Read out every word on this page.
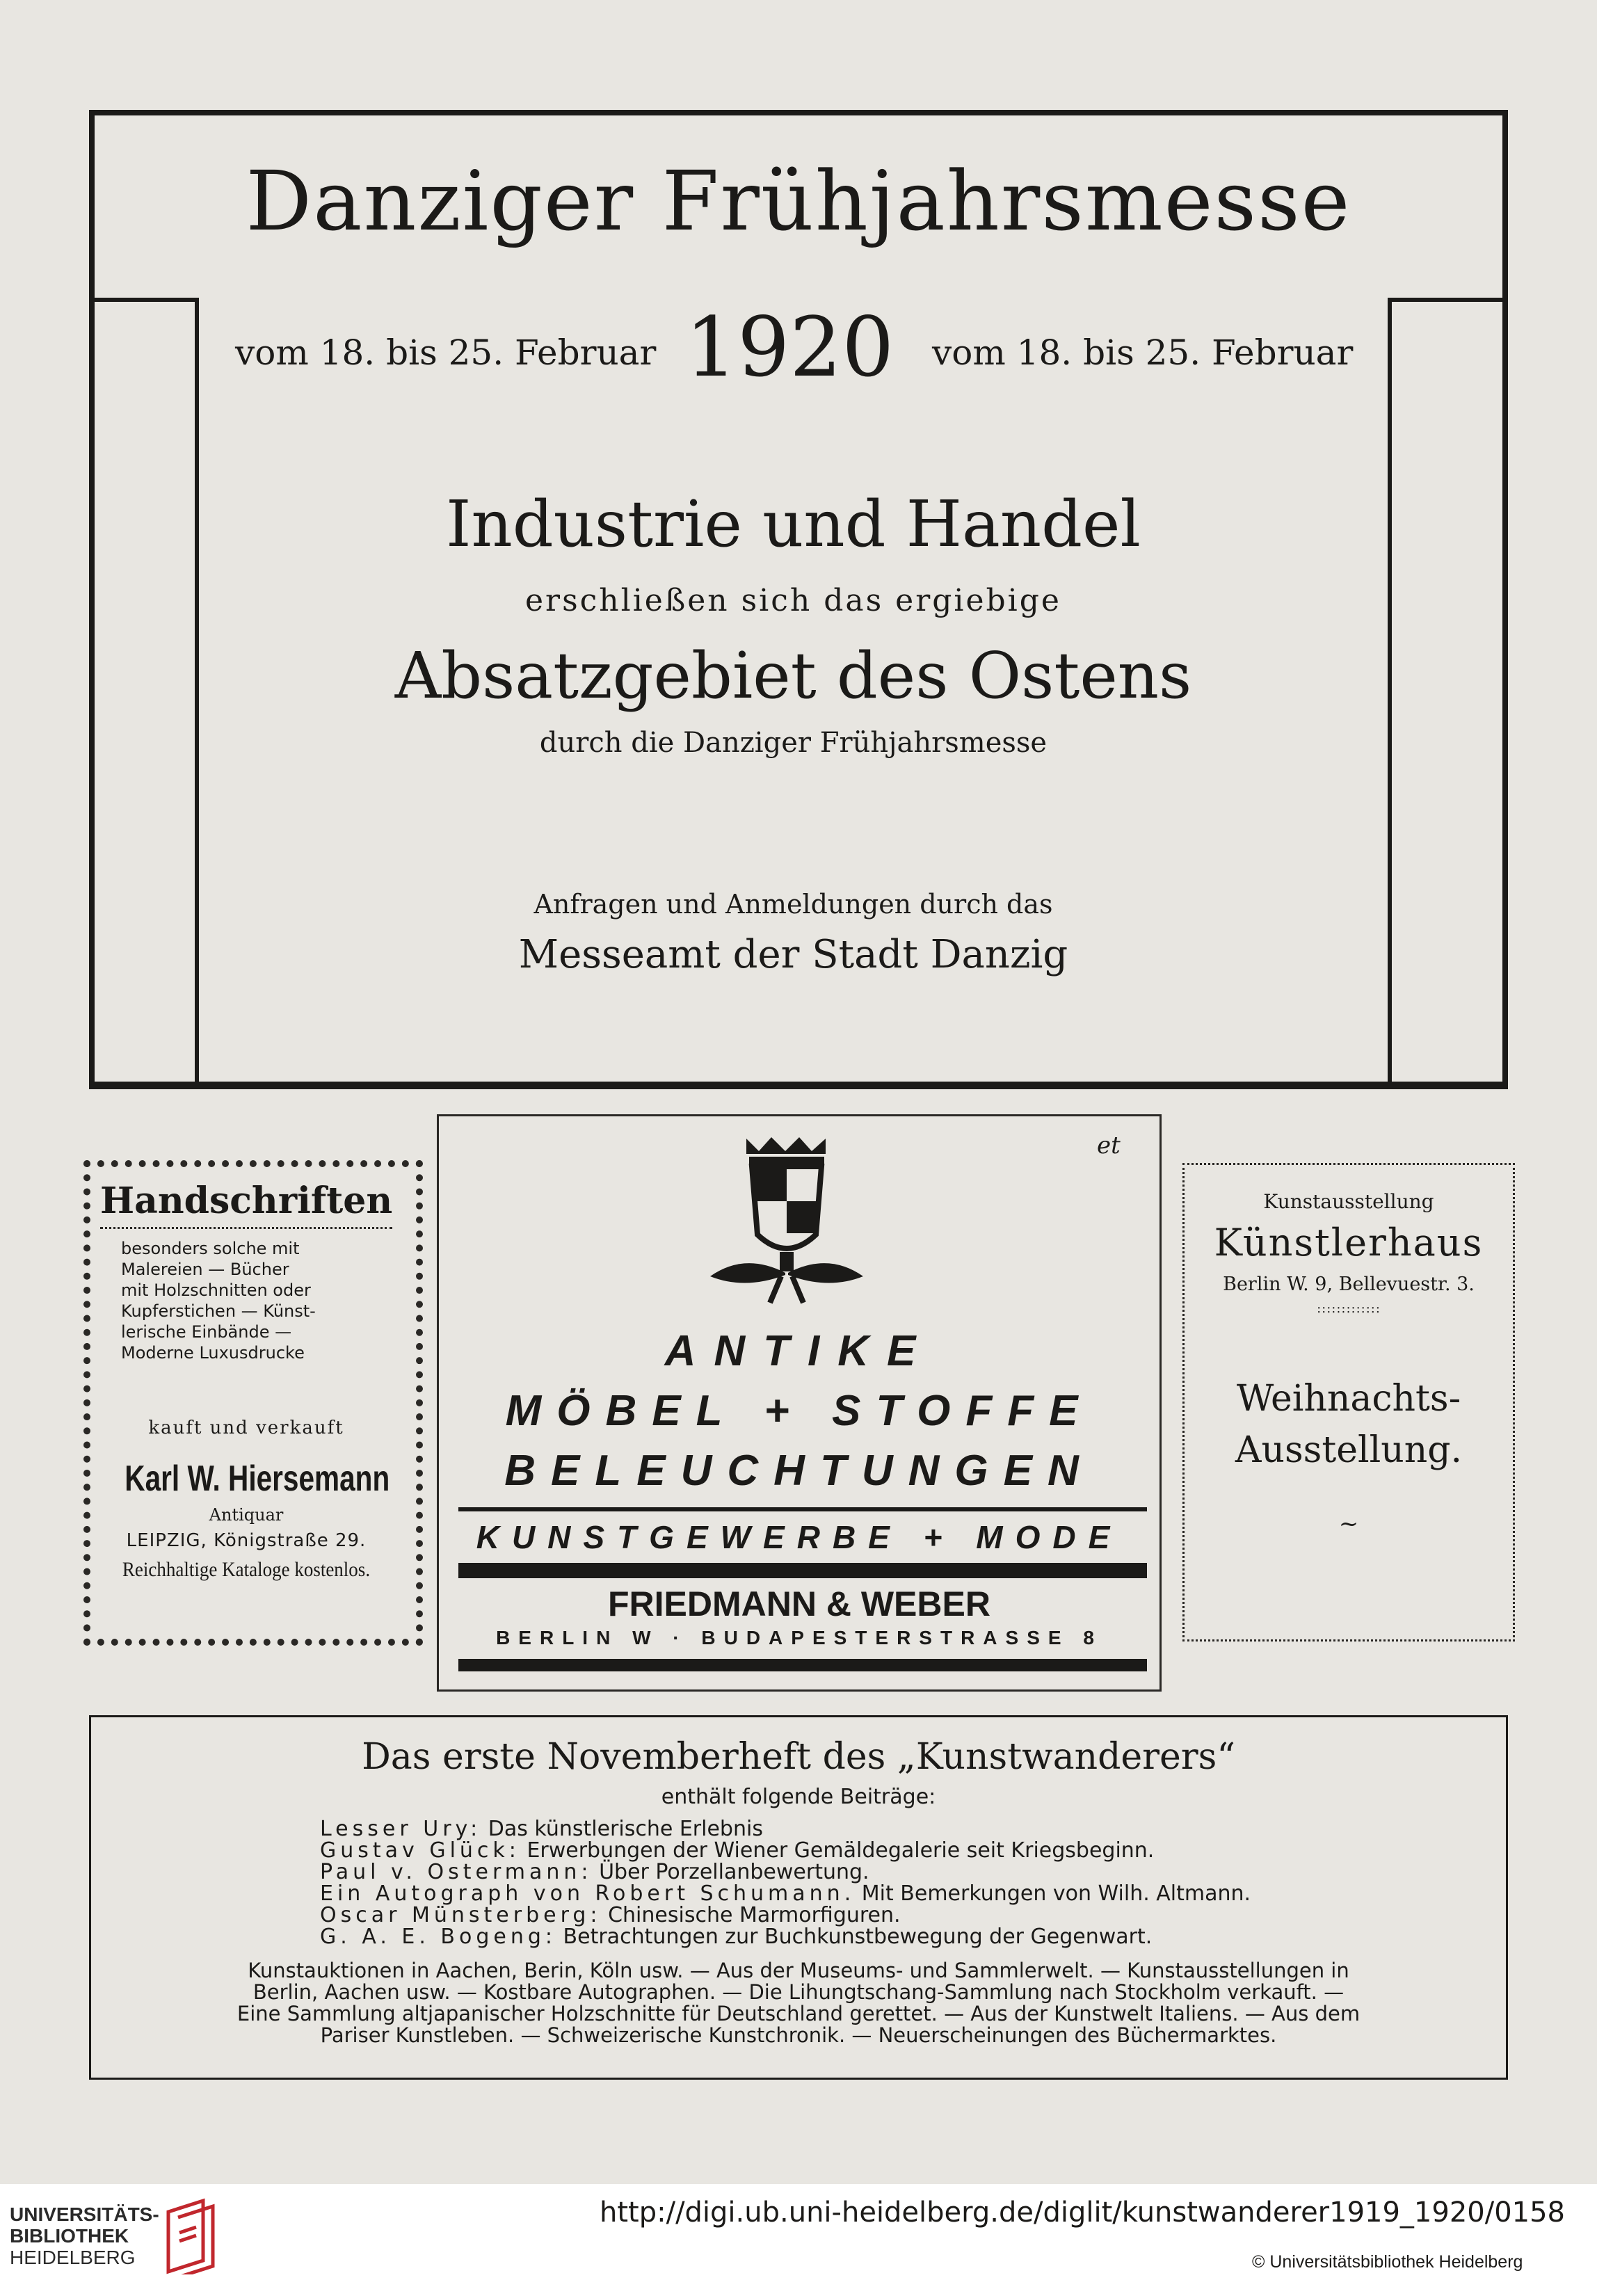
Danziger Frühjahrsmesse
vom 18. bis 25. Februar 1920 vom 18. bis 25. Februar
Industrie und Handel
erschließen sich das ergiebige
Absatzgebiet des Ostens
durch die Danziger Frühjahrsmesse
Anfragen und Anmeldungen durch das
Messeamt der Stadt Danzig
Handschriften
besonders solche mit
Malereien — Bücher
mit Holzschnitten oder
Kupferstichen — Künst-
lerische Einbände —
Moderne Luxusdrucke
kauft und verkauft
Karl W. Hiersemann
Antiquar
LEIPZIG, Königstraße 29.
Reichhaltige Kataloge kostenlos.
et
ANTIKE
MÖBEL + STOFFE
BELEUCHTUNGEN
KUNSTGEWERBE + MODE
FRIEDMANN & WEBER
BERLIN W · BUDAPESTERSTRASSE 8
Kunstausstellung
Künstlerhaus
Berlin W. 9, Bellevuestr. 3.
:::::::::::::
Weihnachts-
Ausstellung.
~
Das erste Novemberheft des „Kunstwanderers“
enthält folgende Beiträge:
Lesser Ury: Das künstlerische Erlebnis
Gustav Glück: Erwerbungen der Wiener Gemäldegalerie seit Kriegsbeginn.
Paul v. Ostermann: Über Porzellanbewertung.
Ein Autograph von Robert Schumann. Mit Bemerkungen von Wilh. Altmann.
Oscar Münsterberg: Chinesische Marmorfiguren.
G. A. E. Bogeng: Betrachtungen zur Buchkunstbewegung der Gegenwart.
Kunstauktionen in Aachen, Berin, Köln usw. — Aus der Museums- und Sammlerwelt. — Kunstausstellungen in
Berlin, Aachen usw. — Kostbare Autographen. — Die Lihungtschang-Sammlung nach Stockholm verkauft. —
Eine Sammlung altjapanischer Holzschnitte für Deutschland gerettet. — Aus der Kunstwelt Italiens. — Aus dem
Pariser Kunstleben. — Schweizerische Kunstchronik. — Neuerscheinungen des Büchermarktes.
UNIVERSITÄTS-
BIBLIOTHEK
HEIDELBERG
http://digi.ub.uni-heidelberg.de/diglit/kunstwanderer1919_1920/0158
© Universitätsbibliothek Heidelberg
